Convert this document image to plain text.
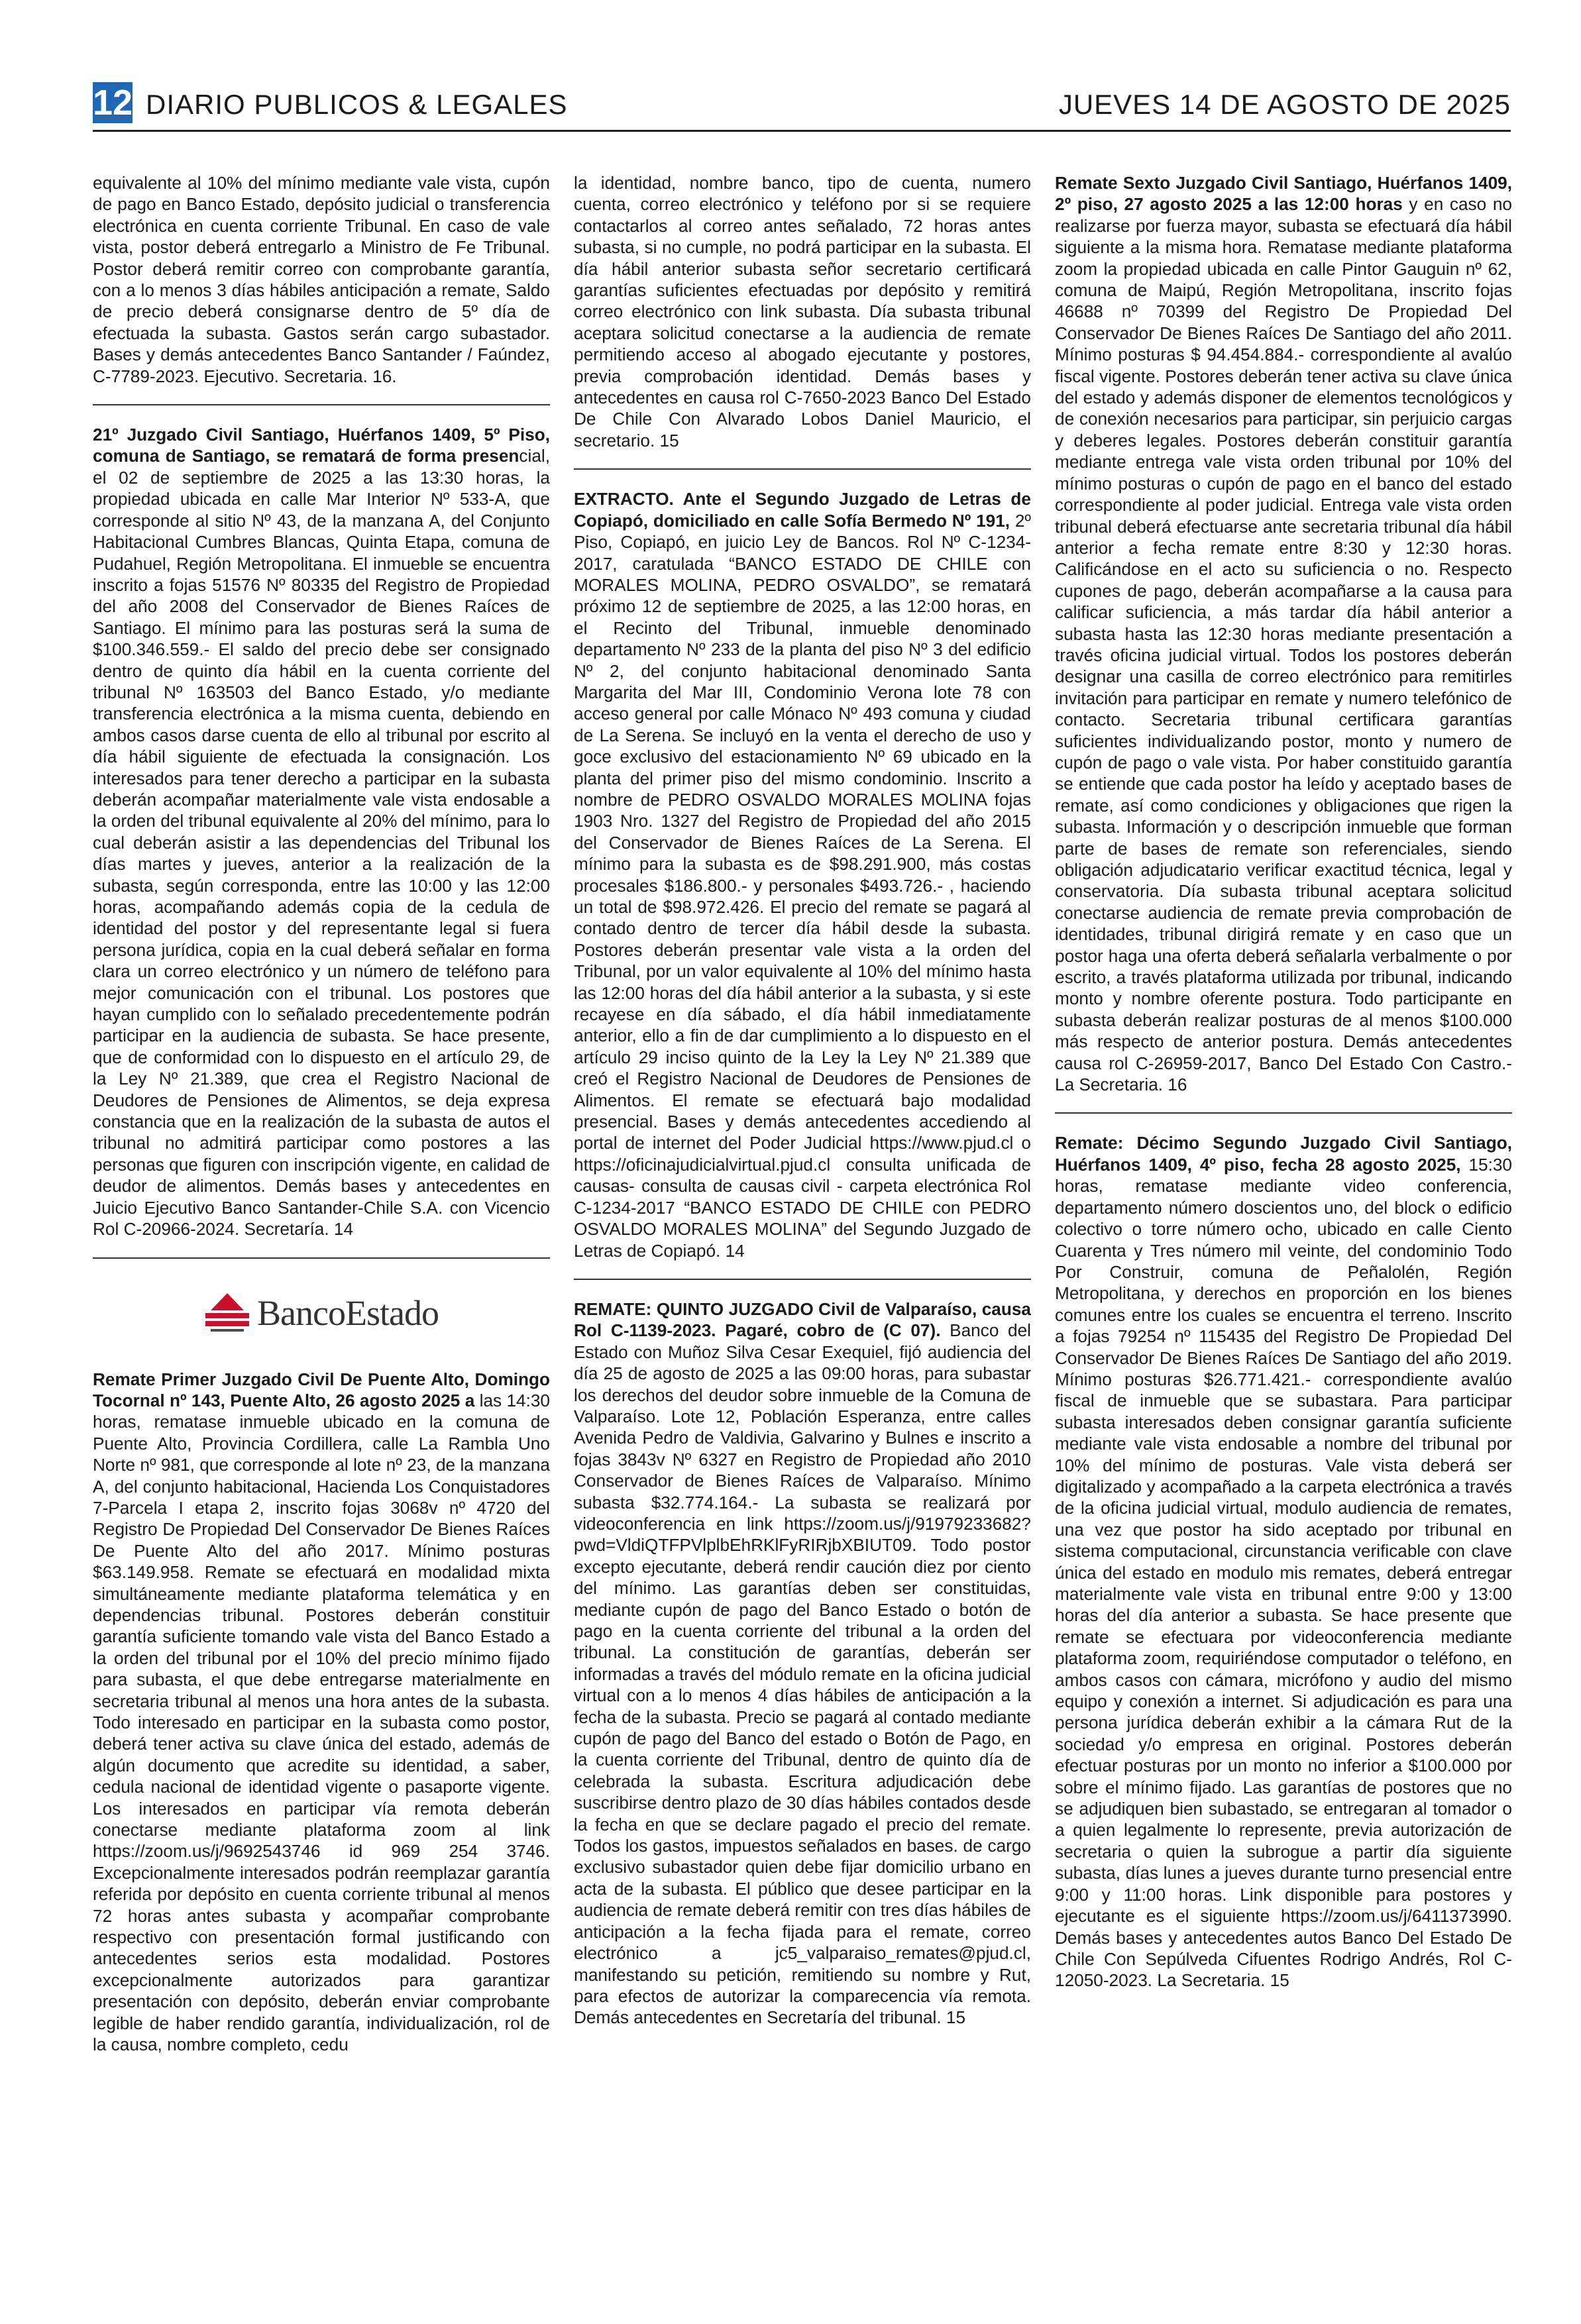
12 DIARIO PUBLICOS & LEGALES	JUEVES 14 DE AGOSTO DE 2025

equivalente al 10% del mínimo mediante vale vista, cupón de pago en Banco Estado, depósito judicial o transferencia electrónica en cuenta corriente Tribunal. En caso de vale vista, postor deberá entregarlo a Ministro de Fe Tribunal. Postor deberá remitir correo con comprobante garantía, con a lo menos 3 días hábiles anticipación a remate, Saldo de precio deberá consignarse dentro de 5º día de efectuada la subasta. Gastos serán cargo subastador. Bases y demás antecedentes Banco Santander / Faúndez, C-7789-2023. Ejecutivo. Secretaria. 16.

21º Juzgado Civil Santiago, Huérfanos 1409, 5º Piso, comuna de Santiago, se rematará de forma presencial, el 02 de septiembre de 2025 a las 13:30 horas, la propiedad ubicada en calle Mar Interior Nº 533-A, que corresponde al sitio Nº 43, de la manzana A, del Conjunto Habitacional Cumbres Blancas, Quinta Etapa, comuna de Pudahuel, Región Metropolitana. El inmueble se encuentra inscrito a fojas 51576 Nº 80335 del Registro de Propiedad del año 2008 del Conservador de Bienes Raíces de Santiago. El mínimo para las posturas será la suma de $100.346.559.- El saldo del precio debe ser consignado dentro de quinto día hábil en la cuenta corriente del tribunal Nº 163503 del Banco Estado, y/o mediante transferencia electrónica a la misma cuenta, debiendo en ambos casos darse cuenta de ello al tribunal por escrito al día hábil siguiente de efectuada la consignación. Los interesados para tener derecho a participar en la subasta deberán acompañar materialmente vale vista endosable a la orden del tribunal equivalente al 20% del mínimo, para lo cual deberán asistir a las dependencias del Tribunal los días martes y jueves, anterior a la realización de la subasta, según corresponda, entre las 10:00 y las 12:00 horas, acompañando además copia de la cedula de identidad del postor y del representante legal si fuera persona jurídica, copia en la cual deberá señalar en forma clara un correo electrónico y un número de teléfono para mejor comunicación con el tribunal. Los postores que hayan cumplido con lo señalado precedentemente podrán participar en la audiencia de subasta. Se hace presente, que de conformidad con lo dispuesto en el artículo 29, de la Ley Nº 21.389, que crea el Registro Nacional de Deudores de Pensiones de Alimentos, se deja expresa constancia que en la realización de la subasta de autos el tribunal no admitirá participar como postores a las personas que figuren con inscripción vigente, en calidad de deudor de alimentos. Demás bases y antecedentes en Juicio Ejecutivo Banco Santander-Chile S.A. con Vicencio Rol C-20966-2024. Secretaría. 14

BancoEstado

Remate Primer Juzgado Civil De Puente Alto, Domingo Tocornal nº 143, Puente Alto, 26 agosto 2025 a las 14:30 horas, rematase inmueble ubicado en la comuna de Puente Alto, Provincia Cordillera, calle La Rambla Uno Norte nº 981, que corresponde al lote nº 23, de la manzana A, del conjunto habitacional, Hacienda Los Conquistadores 7-Parcela I etapa 2, inscrito fojas 3068v nº 4720 del Registro De Propiedad Del Conservador De Bienes Raíces De Puente Alto del año 2017. Mínimo posturas $63.149.958. Remate se efectuará en modalidad mixta simultáneamente mediante plataforma telemática y en dependencias tribunal. Postores deberán constituir garantía suficiente tomando vale vista del Banco Estado a la orden del tribunal por el 10% del precio mínimo fijado para subasta, el que debe entregarse materialmente en secretaria tribunal al menos una hora antes de la subasta. Todo interesado en participar en la subasta como postor, deberá tener activa su clave única del estado, además de algún documento que acredite su identidad, a saber, cedula nacional de identidad vigente o pasaporte vigente. Los interesados en participar vía remota deberán conectarse mediante plataforma zoom al link https://zoom.us/j/9692543746 id 969 254 3746. Excepcionalmente interesados podrán reemplazar garantía referida por depósito en cuenta corriente tribunal al menos 72 horas antes subasta y acompañar comprobante respectivo con presentación formal justificando con antecedentes serios esta modalidad. Postores excepcionalmente autorizados para garantizar presentación con depósito, deberán enviar comprobante legible de haber rendido garantía, individualización, rol de la causa, nombre completo, cedu

la identidad, nombre banco, tipo de cuenta, numero cuenta, correo electrónico y teléfono por si se requiere contactarlos al correo antes señalado, 72 horas antes subasta, si no cumple, no podrá participar en la subasta. El día hábil anterior subasta señor secretario certificará garantías suficientes efectuadas por depósito y remitirá correo electrónico con link subasta. Día subasta tribunal aceptara solicitud conectarse a la audiencia de remate permitiendo acceso al abogado ejecutante y postores, previa comprobación identidad. Demás bases y antecedentes en causa rol C-7650-2023 Banco Del Estado De Chile Con Alvarado Lobos Daniel Mauricio, el secretario. 15

EXTRACTO. Ante el Segundo Juzgado de Letras de Copiapó, domiciliado en calle Sofía Bermedo Nº 191, 2º Piso, Copiapó, en juicio Ley de Bancos. Rol Nº C-1234-2017, caratulada “BANCO ESTADO DE CHILE con MORALES MOLINA, PEDRO OSVALDO”, se rematará próximo 12 de septiembre de 2025, a las 12:00 horas, en el Recinto del Tribunal, inmueble denominado departamento Nº 233 de la planta del piso Nº 3 del edificio Nº 2, del conjunto habitacional denominado Santa Margarita del Mar III, Condominio Verona lote 78 con acceso general por calle Mónaco Nº 493 comuna y ciudad de La Serena. Se incluyó en la venta el derecho de uso y goce exclusivo del estacionamiento Nº 69 ubicado en la planta del primer piso del mismo condominio. Inscrito a nombre de PEDRO OSVALDO MORALES MOLINA fojas 1903 Nro. 1327 del Registro de Propiedad del año 2015 del Conservador de Bienes Raíces de La Serena. El mínimo para la subasta es de $98.291.900, más costas procesales $186.800.- y personales $493.726.- , haciendo un total de $98.972.426. El precio del remate se pagará al contado dentro de tercer día hábil desde la subasta. Postores deberán presentar vale vista a la orden del Tribunal, por un valor equivalente al 10% del mínimo hasta las 12:00 horas del día hábil anterior a la subasta, y si este recayese en día sábado, el día hábil inmediatamente anterior, ello a fin de dar cumplimiento a lo dispuesto en el artículo 29 inciso quinto de la Ley la Ley Nº 21.389 que creó el Registro Nacional de Deudores de Pensiones de Alimentos. El remate se efectuará bajo modalidad presencial. Bases y demás antecedentes accediendo al portal de internet del Poder Judicial https://www.pjud.cl o https://oficinajudicialvirtual.pjud.cl consulta unificada de causas- consulta de causas civil - carpeta electrónica Rol C-1234-2017 “BANCO ESTADO DE CHILE con PEDRO OSVALDO MORALES MOLINA” del Segundo Juzgado de Letras de Copiapó. 14

REMATE: QUINTO JUZGADO Civil de Valparaíso, causa Rol C-1139-2023. Pagaré, cobro de (C 07). Banco del Estado con Muñoz Silva Cesar Exequiel, fijó audiencia del día 25 de agosto de 2025 a las 09:00 horas, para subastar los derechos del deudor sobre inmueble de la Comuna de Valparaíso. Lote 12, Población Esperanza, entre calles Avenida Pedro de Valdivia, Galvarino y Bulnes e inscrito a fojas 3843v Nº 6327 en Registro de Propiedad año 2010 Conservador de Bienes Raíces de Valparaíso. Mínimo subasta $32.774.164.- La subasta se realizará por videoconferencia en link https://zoom.us/j/91979233682?pwd=VldiQTFPVlplbEhRKlFyRIRjbXBIUT09. Todo postor excepto ejecutante, deberá rendir caución diez por ciento del mínimo. Las garantías deben ser constituidas, mediante cupón de pago del Banco Estado o botón de pago en la cuenta corriente del tribunal a la orden del tribunal. La constitución de garantías, deberán ser informadas a través del módulo remate en la oficina judicial virtual con a lo menos 4 días hábiles de anticipación a la fecha de la subasta. Precio se pagará al contado mediante cupón de pago del Banco del estado o Botón de Pago, en la cuenta corriente del Tribunal, dentro de quinto día de celebrada la subasta. Escritura adjudicación debe suscribirse dentro plazo de 30 días hábiles contados desde la fecha en que se declare pagado el precio del remate. Todos los gastos, impuestos señalados en bases. de cargo exclusivo subastador quien debe fijar domicilio urbano en acta de la subasta. El público que desee participar en la audiencia de remate deberá remitir con tres días hábiles de anticipación a la fecha fijada para el remate, correo electrónico a jc5_valparaiso_remates@pjud.cl, manifestando su petición, remitiendo su nombre y Rut, para efectos de autorizar la comparecencia vía remota. Demás antecedentes en Secretaría del tribunal. 15

Remate Sexto Juzgado Civil Santiago, Huérfanos 1409, 2º piso, 27 agosto 2025 a las 12:00 horas y en caso no realizarse por fuerza mayor, subasta se efectuará día hábil siguiente a la misma hora. Rematase mediante plataforma zoom la propiedad ubicada en calle Pintor Gauguin nº 62, comuna de Maipú, Región Metropolitana, inscrito fojas 46688 nº 70399 del Registro De Propiedad Del Conservador De Bienes Raíces De Santiago del año 2011. Mínimo posturas $ 94.454.884.- correspondiente al avalúo fiscal vigente. Postores deberán tener activa su clave única del estado y además disponer de elementos tecnológicos y de conexión necesarios para participar, sin perjuicio cargas y deberes legales. Postores deberán constituir garantía mediante entrega vale vista orden tribunal por 10% del mínimo posturas o cupón de pago en el banco del estado correspondiente al poder judicial. Entrega vale vista orden tribunal deberá efectuarse ante secretaria tribunal día hábil anterior a fecha remate entre 8:30 y 12:30 horas. Calificándose en el acto su suficiencia o no. Respecto cupones de pago, deberán acompañarse a la causa para calificar suficiencia, a más tardar día hábil anterior a subasta hasta las 12:30 horas mediante presentación a través oficina judicial virtual. Todos los postores deberán designar una casilla de correo electrónico para remitirles invitación para participar en remate y numero telefónico de contacto. Secretaria tribunal certificara garantías suficientes individualizando postor, monto y numero de cupón de pago o vale vista. Por haber constituido garantía se entiende que cada postor ha leído y aceptado bases de remate, así como condiciones y obligaciones que rigen la subasta. Información y o descripción inmueble que forman parte de bases de remate son referenciales, siendo obligación adjudicatario verificar exactitud técnica, legal y conservatoria. Día subasta tribunal aceptara solicitud conectarse audiencia de remate previa comprobación de identidades, tribunal dirigirá remate y en caso que un postor haga una oferta deberá señalarla verbalmente o por escrito, a través plataforma utilizada por tribunal, indicando monto y nombre oferente postura. Todo participante en subasta deberán realizar posturas de al menos $100.000 más respecto de anterior postura. Demás antecedentes causa rol C-26959-2017, Banco Del Estado Con Castro.- La Secretaria. 16

Remate: Décimo Segundo Juzgado Civil Santiago, Huérfanos 1409, 4º piso, fecha 28 agosto 2025, 15:30 horas, rematase mediante video conferencia, departamento número doscientos uno, del block o edificio colectivo o torre número ocho, ubicado en calle Ciento Cuarenta y Tres número mil veinte, del condominio Todo Por Construir, comuna de Peñalolén, Región Metropolitana, y derechos en proporción en los bienes comunes entre los cuales se encuentra el terreno. Inscrito a fojas 79254 nº 115435 del Registro De Propiedad Del Conservador De Bienes Raíces De Santiago del año 2019. Mínimo posturas $26.771.421.- correspondiente avalúo fiscal de inmueble que se subastara. Para participar subasta interesados deben consignar garantía suficiente mediante vale vista endosable a nombre del tribunal por 10% del mínimo de posturas. Vale vista deberá ser digitalizado y acompañado a la carpeta electrónica a través de la oficina judicial virtual, modulo audiencia de remates, una vez que postor ha sido aceptado por tribunal en sistema computacional, circunstancia verificable con clave única del estado en modulo mis remates, deberá entregar materialmente vale vista en tribunal entre 9:00 y 13:00 horas del día anterior a subasta. Se hace presente que remate se efectuara por videoconferencia mediante plataforma zoom, requiriéndose computador o teléfono, en ambos casos con cámara, micrófono y audio del mismo equipo y conexión a internet. Si adjudicación es para una persona jurídica deberán exhibir a la cámara Rut de la sociedad y/o empresa en original. Postores deberán efectuar posturas por un monto no inferior a $100.000 por sobre el mínimo fijado. Las garantías de postores que no se adjudiquen bien subastado, se entregaran al tomador o a quien legalmente lo represente, previa autorización de secretaria o quien la subrogue a partir día siguiente subasta, días lunes a jueves durante turno presencial entre 9:00 y 11:00 horas. Link disponible para postores y ejecutante es el siguiente https://zoom.us/j/6411373990. Demás bases y antecedentes autos Banco Del Estado De Chile Con Sepúlveda Cifuentes Rodrigo Andrés, Rol C-12050-2023. La Secretaria. 15
